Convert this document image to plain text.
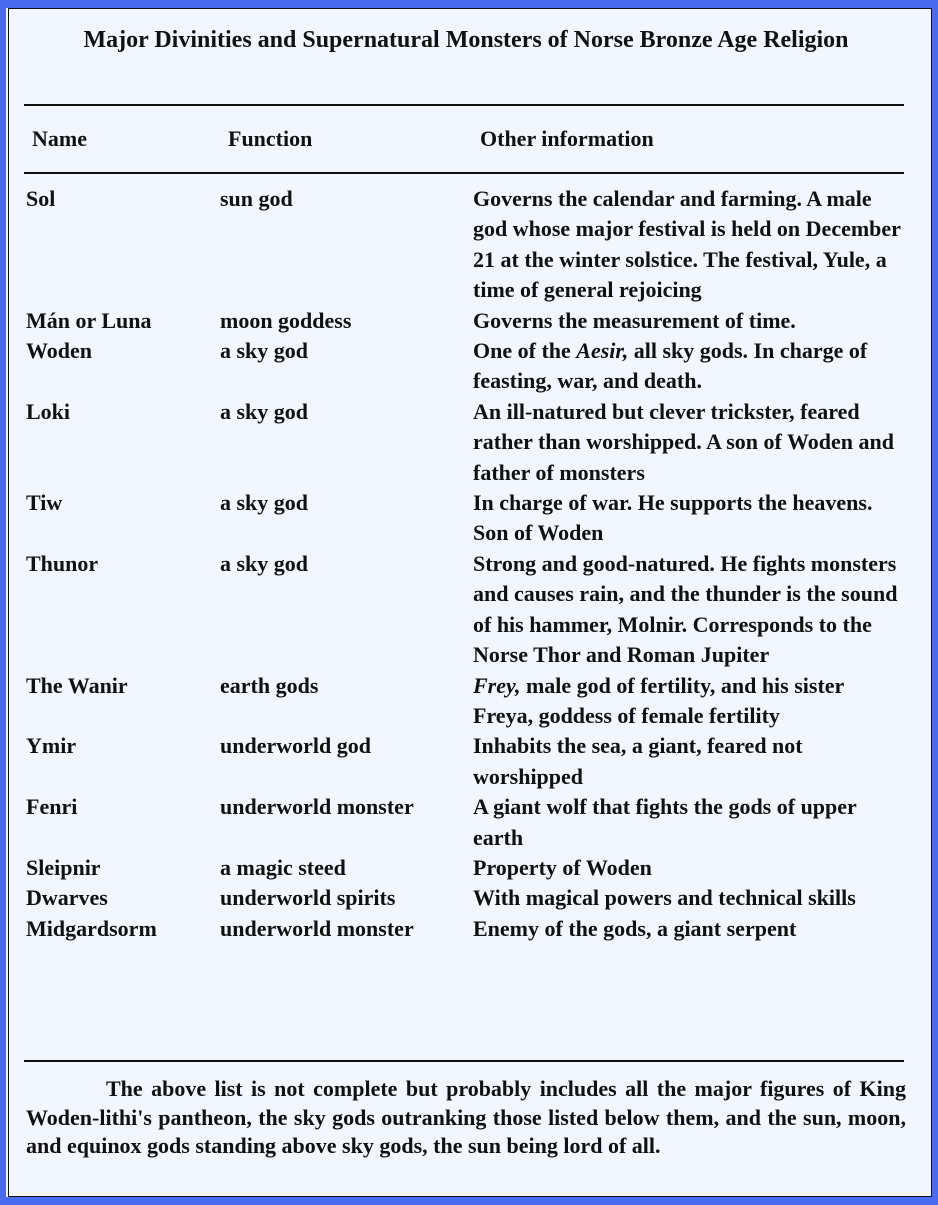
Major Divinities and Supernatural Monsters of Norse Bronze Age Religion
Name	Function	Other information
Sol	sun god	Governs the calendar and farming. A male god whose major festival is held on December 21 at the winter solstice. The festival, Yule, a time of general rejoicing
Mán or Luna	moon goddess	Governs the measurement of time.
Woden	a sky god	One of the Aesir, all sky gods. In charge of feasting, war, and death.
Loki	a sky god	An ill-natured but clever trickster, feared rather than worshipped. A son of Woden and father of monsters
Tiw	a sky god	In charge of war. He supports the heavens. Son of Woden
Thunor	a sky god	Strong and good-natured. He fights monsters and causes rain, and the thunder is the sound of his hammer, Molnir. Corresponds to the Norse Thor and Roman Jupiter
The Wanir	earth gods	Frey, male god of fertility, and his sister Freya, goddess of female fertility
Ymir	underworld god	Inhabits the sea, a giant, feared not worshipped
Fenri	underworld monster	A giant wolf that fights the gods of upper earth
Sleipnir	a magic steed	Property of Woden
Dwarves	underworld spirits	With magical powers and technical skills
Midgardsorm	underworld monster	Enemy of the gods, a giant serpent
The above list is not complete but probably includes all the major figures of King Woden-lithi's pantheon, the sky gods outranking those listed below them, and the sun, moon, and equinox gods standing above sky gods, the sun being lord of all.
